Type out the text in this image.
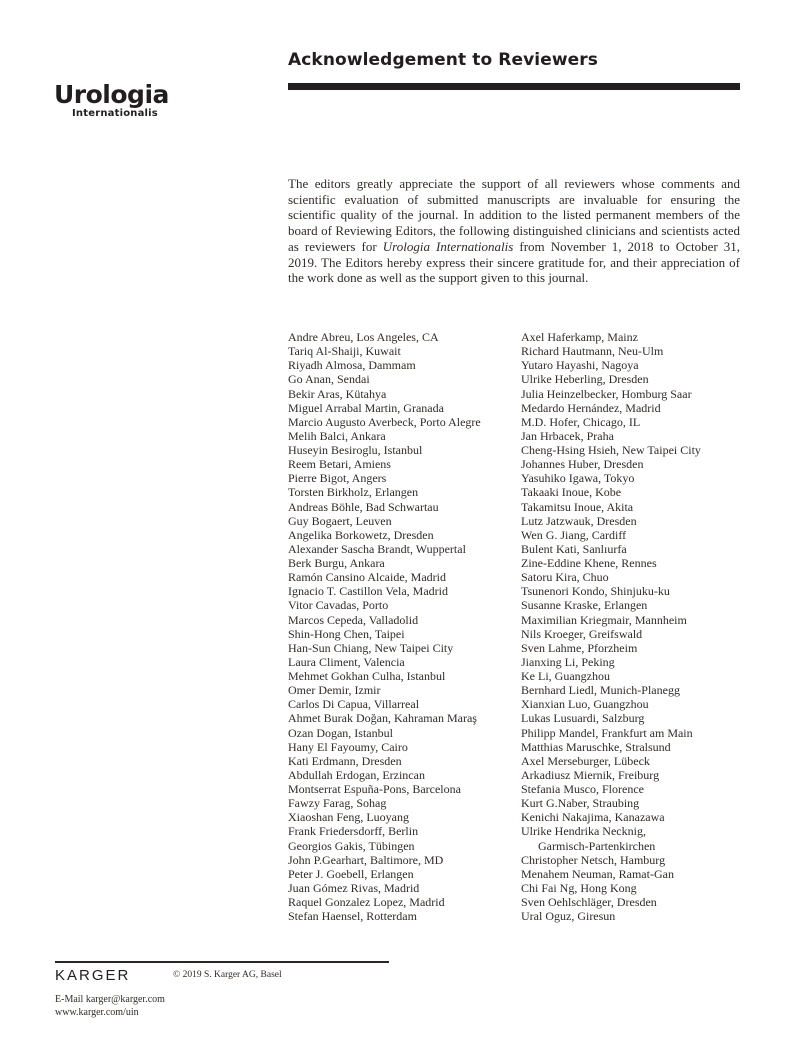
Urologia
Internationalis
Acknowledgement to Reviewers

The editors greatly appreciate the support of all reviewers whose comments and scientific evaluation of submitted manuscripts are invaluable for ensuring the scientific quality of the journal. In addition to the listed permanent members of the board of Reviewing Editors, the following distinguished clinicians and scientists acted as reviewers for Urologia Internationalis from November 1, 2018 to October 31, 2019. The Editors hereby express their sincere gratitude for, and their appreciation of the work done as well as the support given to this journal.

Andre Abreu, Los Angeles, CA
Tariq Al-Shaiji, Kuwait
Riyadh Almosa, Dammam
Go Anan, Sendai
Bekir Aras, Kütahya
Miguel Arrabal Martin, Granada
Marcio Augusto Averbeck, Porto Alegre
Melih Balci, Ankara
Huseyin Besiroglu, Istanbul
Reem Betari, Amiens
Pierre Bigot, Angers
Torsten Birkholz, Erlangen
Andreas Böhle, Bad Schwartau
Guy Bogaert, Leuven
Angelika Borkowetz, Dresden
Alexander Sascha Brandt, Wuppertal
Berk Burgu, Ankara
Ramón Cansino Alcaide, Madrid
Ignacio T. Castillon Vela, Madrid
Vitor Cavadas, Porto
Marcos Cepeda, Valladolid
Shin-Hong Chen, Taipei
Han-Sun Chiang, New Taipei City
Laura Climent, Valencia
Mehmet Gokhan Culha, Istanbul
Omer Demir, Izmir
Carlos Di Capua, Villarreal
Ahmet Burak Doğan, Kahraman Maraş
Ozan Dogan, Istanbul
Hany El Fayoumy, Cairo
Kati Erdmann, Dresden
Abdullah Erdogan, Erzincan
Montserrat Espuña-Pons, Barcelona
Fawzy Farag, Sohag
Xiaoshan Feng, Luoyang
Frank Friedersdorff, Berlin
Georgios Gakis, Tübingen
John P.Gearhart, Baltimore, MD
Peter J. Goebell, Erlangen
Juan Gómez Rivas, Madrid
Raquel Gonzalez Lopez, Madrid
Stefan Haensel, Rotterdam
Axel Haferkamp, Mainz
Richard Hautmann, Neu-Ulm
Yutaro Hayashi, Nagoya
Ulrike Heberling, Dresden
Julia Heinzelbecker, Homburg Saar
Medardo Hernández, Madrid
M.D. Hofer, Chicago, IL
Jan Hrbacek, Praha
Cheng-Hsing Hsieh, New Taipei City
Johannes Huber, Dresden
Yasuhiko Igawa, Tokyo
Takaaki Inoue, Kobe
Takamitsu Inoue, Akita
Lutz Jatzwauk, Dresden
Wen G. Jiang, Cardiff
Bulent Kati, Sanlıurfa
Zine-Eddine Khene, Rennes
Satoru Kira, Chuo
Tsunenori Kondo, Shinjuku-ku
Susanne Kraske, Erlangen
Maximilian Kriegmair, Mannheim
Nils Kroeger, Greifswald
Sven Lahme, Pforzheim
Jianxing Li, Peking
Ke Li, Guangzhou
Bernhard Liedl, Munich-Planegg
Xianxian Luo, Guangzhou
Lukas Lusuardi, Salzburg
Philipp Mandel, Frankfurt am Main
Matthias Maruschke, Stralsund
Axel Merseburger, Lübeck
Arkadiusz Miernik, Freiburg
Stefania Musco, Florence
Kurt G.Naber, Straubing
Kenichi Nakajima, Kanazawa
Ulrike Hendrika Necknig,
Garmisch-Partenkirchen
Christopher Netsch, Hamburg
Menahem Neuman, Ramat-Gan
Chi Fai Ng, Hong Kong
Sven Oehlschläger, Dresden
Ural Oguz, Giresun
KARGER	© 2019 S. Karger AG, Basel
E-Mail karger@karger.com
www.karger.com/uin
